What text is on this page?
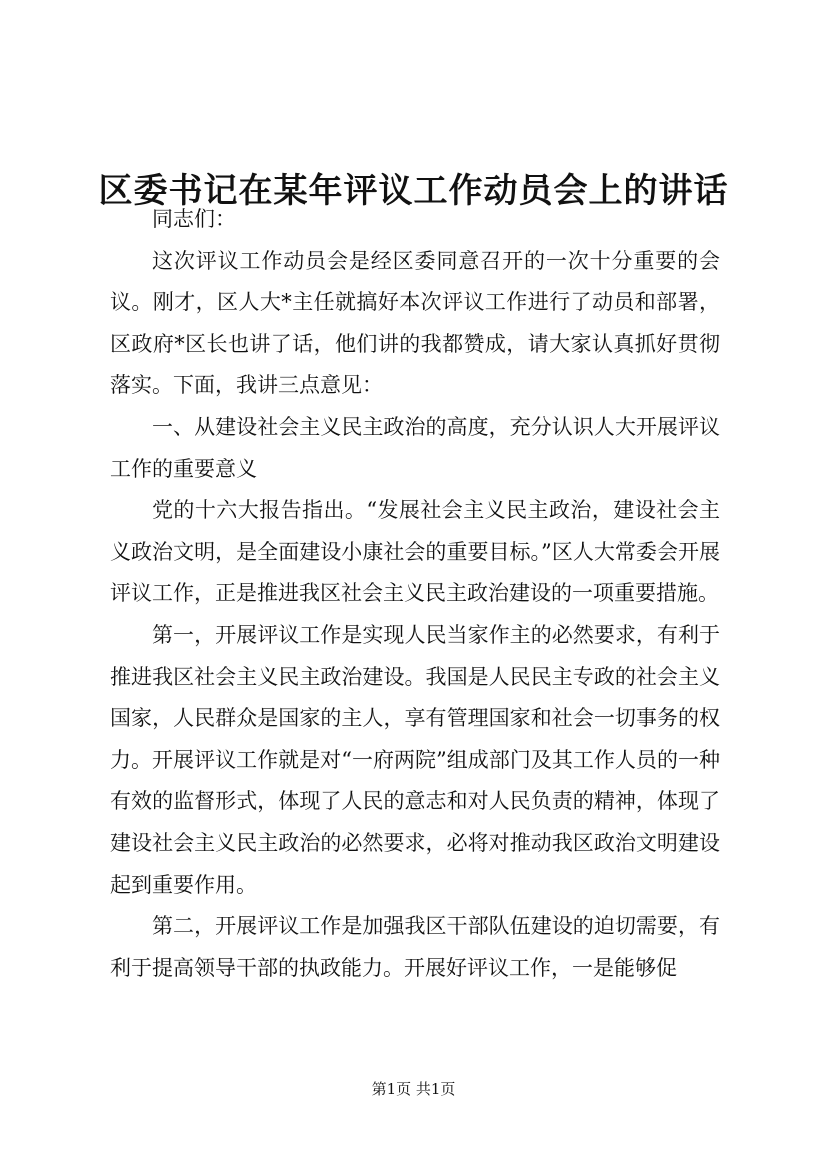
区委书记在某年评议工作动员会上的讲话

同志们：

这次评议工作动员会是经区委同意召开的一次十分重要的会议。刚才，区人大*主任就搞好本次评议工作进行了动员和部署，区政府*区长也讲了话，他们讲的我都赞成，请大家认真抓好贯彻落实。下面，我讲三点意见：

一、从建设社会主义民主政治的高度，充分认识人大开展评议工作的重要意义

党的十六大报告指出。“发展社会主义民主政治，建设社会主义政治文明，是全面建设小康社会的重要目标。”区人大常委会开展评议工作，正是推进我区社会主义民主政治建设的一项重要措施。

第一，开展评议工作是实现人民当家作主的必然要求，有利于推进我区社会主义民主政治建设。我国是人民民主专政的社会主义国家，人民群众是国家的主人，享有管理国家和社会一切事务的权力。开展评议工作就是对“一府两院”组成部门及其工作人员的一种有效的监督形式，体现了人民的意志和对人民负责的精神，体现了建设社会主义民主政治的必然要求，必将对推动我区政治文明建设起到重要作用。

第二，开展评议工作是加强我区干部队伍建设的迫切需要，有利于提高领导干部的执政能力。开展好评议工作，一是能够促

第1页 共1页
